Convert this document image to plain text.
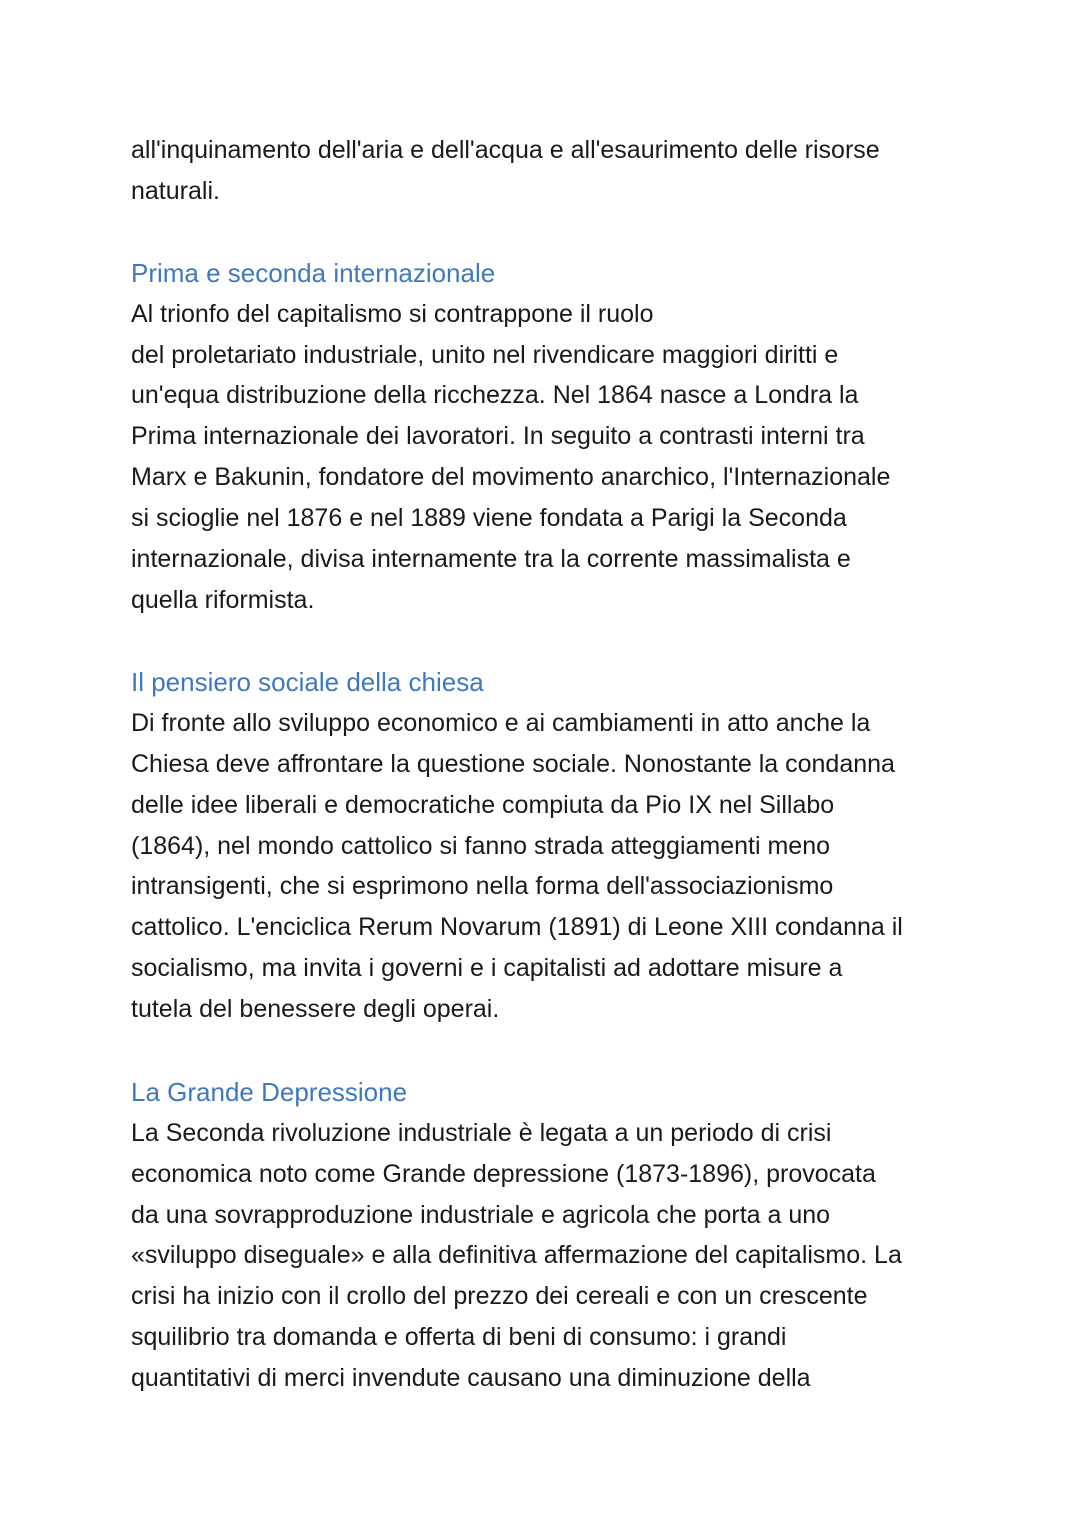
all'inquinamento dell'aria e dell'acqua e all'esaurimento delle risorse
naturali.
Prima e seconda internazionale
Al trionfo del capitalismo si contrappone il ruolo
del proletariato industriale, unito nel rivendicare maggiori diritti e
un'equa distribuzione della ricchezza. Nel 1864 nasce a Londra la
Prima internazionale dei lavoratori. In seguito a contrasti interni tra
Marx e Bakunin, fondatore del movimento anarchico, l'Internazionale
si scioglie nel 1876 e nel 1889 viene fondata a Parigi la Seconda
internazionale, divisa internamente tra la corrente massimalista e
quella riformista.
Il pensiero sociale della chiesa
Di fronte allo sviluppo economico e ai cambiamenti in atto anche la
Chiesa deve affrontare la questione sociale. Nonostante la condanna
delle idee liberali e democratiche compiuta da Pio IX nel Sillabo
(1864), nel mondo cattolico si fanno strada atteggiamenti meno
intransigenti, che si esprimono nella forma dell'associazionismo
cattolico. L'enciclica Rerum Novarum (1891) di Leone XIII condanna il
socialismo, ma invita i governi e i capitalisti ad adottare misure a
tutela del benessere degli operai.
La Grande Depressione
La Seconda rivoluzione industriale è legata a un periodo di crisi
economica noto come Grande depressione (1873-1896), provocata
da una sovrapproduzione industriale e agricola che porta a uno
«sviluppo diseguale» e alla definitiva affermazione del capitalismo. La
crisi ha inizio con il crollo del prezzo dei cereali e con un crescente
squilibrio tra domanda e offerta di beni di consumo: i grandi
quantitativi di merci invendute causano una diminuzione della
